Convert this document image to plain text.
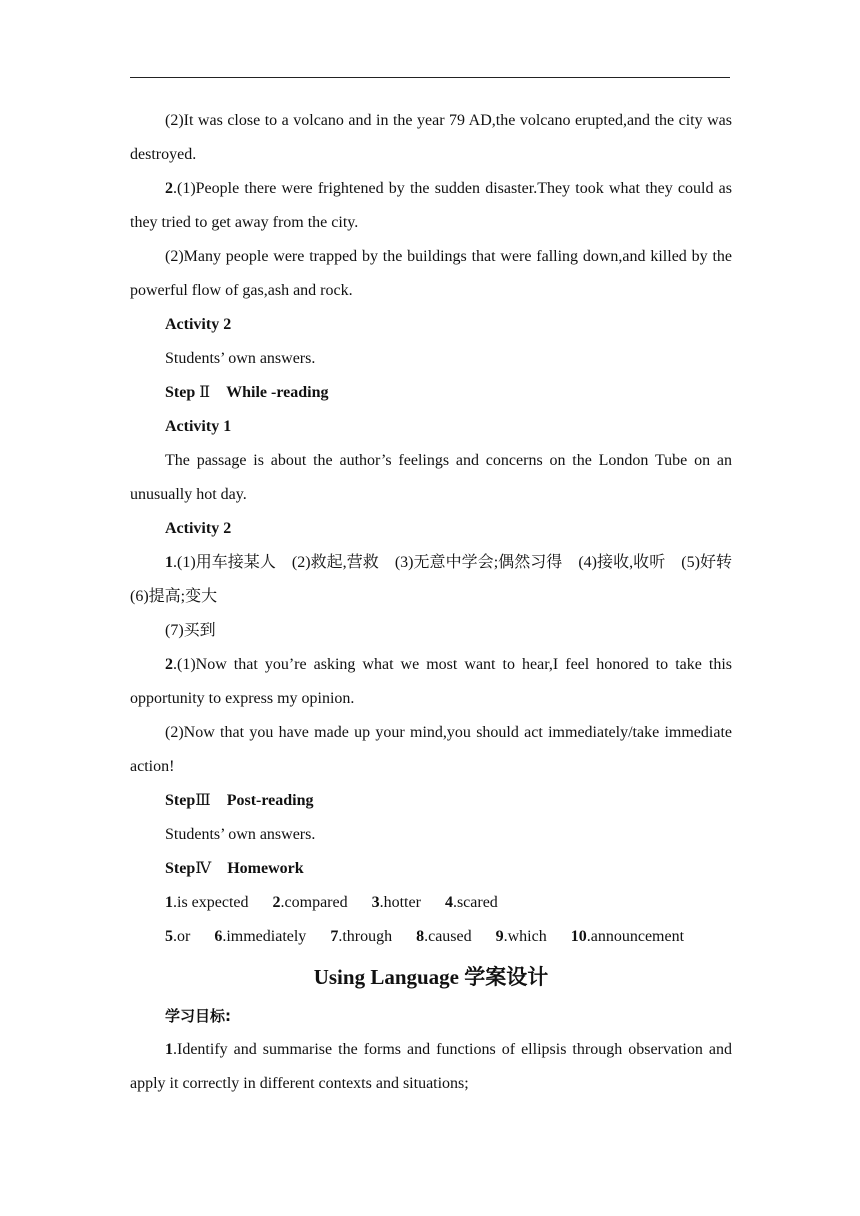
(2)It was close to a volcano and in the year 79 AD,the volcano erupted,and the city was destroyed.

2.(1)People there were frightened by the sudden disaster.They took what they could as they tried to get away from the city.

(2)Many people were trapped by the buildings that were falling down,and killed by the powerful flow of gas,ash and rock.

Activity 2

Students’ own answers.

Step Ⅱ　 While -reading

Activity 1

The passage is about the author’s feelings and concerns on the London Tube on an unusually hot day.

Activity 2

1.(1)用车接某人　(2)救起,营救　(3)无意中学会;偶然习得　(4)接收,收听　(5)好转　(6)提高;变大

(7)买到

2.(1)Now that you’re asking what we most want to hear,I feel honored to take this opportunity to express my opinion.

(2)Now that you have made up your mind,you should act immediately/take immediate action!

StepⅢ　 Post-reading

Students’ own answers.

StepⅣ　 Homework

1.is expected 2.compared 3.hotter 4.scared

5.or 6.immediately 7.through 8.caused 9.which 10.announcement

Using Language 学案设计

学习目标:

1.Identify and summarise the forms and functions of ellipsis through observation and apply it correctly in different contexts and situations;
